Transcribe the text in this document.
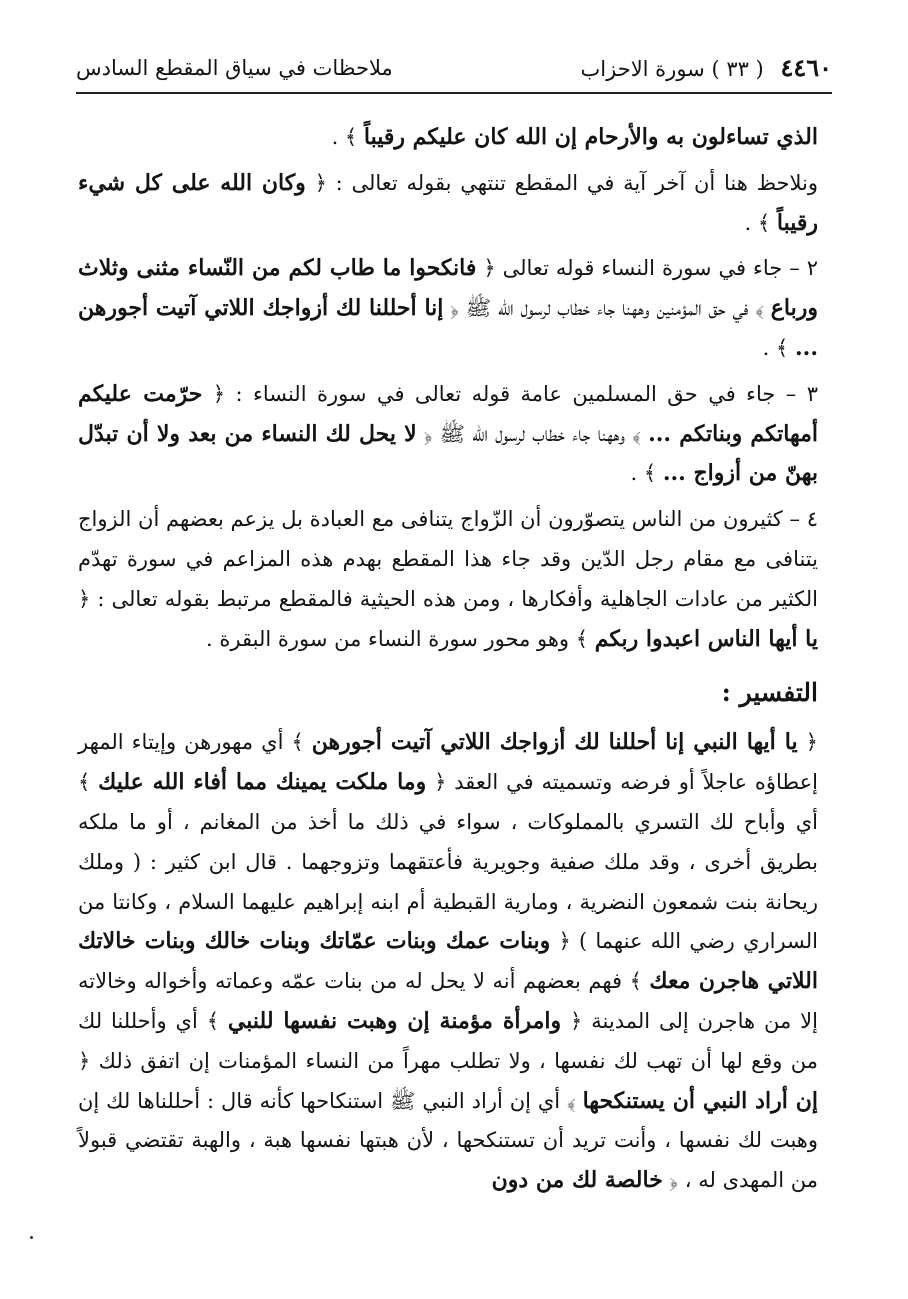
٤٤٦٠ ( ٣٣ ) سورة الاحزاب
ملاحظات في سياق المقطع السادس

الذي تساءلون به والأرحام إن الله كان عليكم رقيباً ﴾ .

ونلاحظ هنا أن آخر آية في المقطع تنتهي بقوله تعالى : ﴿ وكان الله على كل شيء رقيباً ﴾ .

٢ – جاء في سورة النساء قوله تعالى ﴿ فانكحوا ما طاب لكم من النّساء مثنى وثلاث ورباع ﴾ في حق المؤمنين وههنا جاء خطاب لرسول الله ﷺ ﴿ إنا أحللنا لك أزواجك اللاتي آتيت أجورهن ... ﴾ .

٣ – جاء في حق المسلمين عامة قوله تعالى في سورة النساء : ﴿ حرّمت عليكم أمهاتكم وبناتكم ... ﴾ وههنا جاء خطاب لرسول الله ﷺ ﴿ لا يحل لك النساء من بعد ولا أن تبدّل بهنّ من أزواج ... ﴾ .

٤ – كثيرون من الناس يتصوّرون أن الزّواج يتنافى مع العبادة بل يزعم بعضهم أن الزواج يتنافى مع مقام رجل الدّين وقد جاء هذا المقطع بهدم هذه المزاعم في سورة تهدّم الكثير من عادات الجاهلية وأفكارها ، ومن هذه الحيثية فالمقطع مرتبط بقوله تعالى : ﴿ يا أيها الناس اعبدوا ربكم ﴾ وهو محور سورة النساء من سورة البقرة .

التفسير :

﴿ يا أيها النبي إنا أحللنا لك أزواجك اللاتي آتيت أجورهن ﴾ أي مهورهن وإيتاء المهر إعطاؤه عاجلاً أو فرضه وتسميته في العقد ﴿ وما ملكت يمينك مما أفاء الله عليك ﴾ أي وأباح لك التسري بالمملوكات ، سواء في ذلك ما أخذ من المغانم ، أو ما ملكه بطريق أخرى ، وقد ملك صفية وجويرية فأعتقهما وتزوجهما . قال ابن كثير : ( وملك ريحانة بنت شمعون النضرية ، ومارية القبطية أم ابنه إبراهيم عليهما السلام ، وكانتا من السراري رضي الله عنهما ) ﴿ وبنات عمك وبنات عمّاتك وبنات خالك وبنات خالاتك اللاتي هاجرن معك ﴾ فهم بعضهم أنه لا يحل له من بنات عمّه وعماته وأخواله وخالاته إلا من هاجرن إلى المدينة ﴿ وامرأة مؤمنة إن وهبت نفسها للنبي ﴾ أي وأحللنا لك من وقع لها أن تهب لك نفسها ، ولا تطلب مهراً من النساء المؤمنات إن اتفق ذلك ﴿ إن أراد النبي أن يستنكحها ﴾ أي إن أراد النبي ﷺ استنكاحها كأنه قال : أحللناها لك إن وهبت لك نفسها ، وأنت تريد أن تستنكحها ، لأن هبتها نفسها هبة ، والهبة تقتضي قبولاً من المهدى له ، ﴿ خالصة لك من دون
